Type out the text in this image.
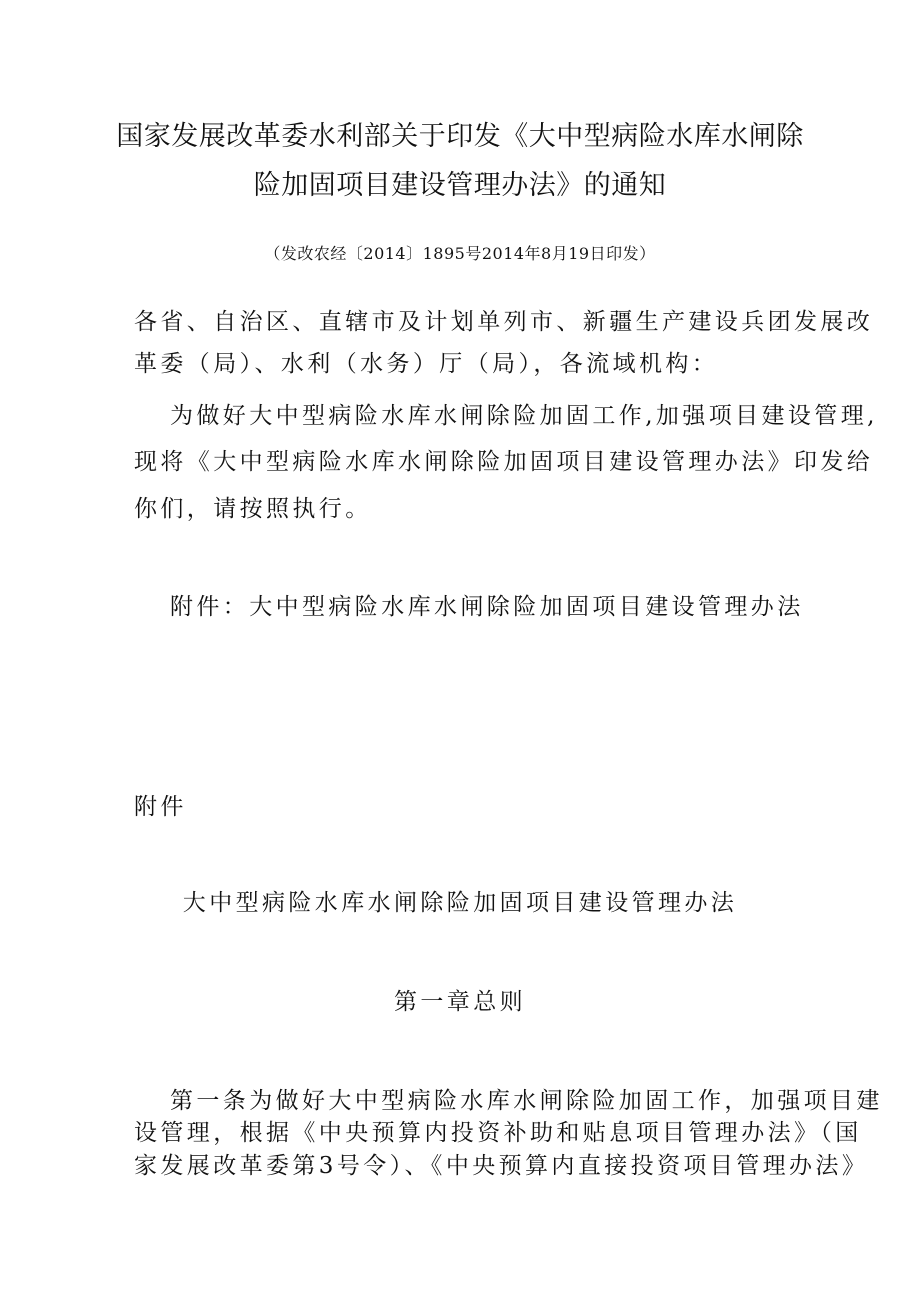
国家发展改革委水利部关于印发《大中型病险水库水闸除
险加固项目建设管理办法》的通知
（发改农经〔2014〕1895号2014年8月19日印发）
各省、自治区、直辖市及计划单列市、新疆生产建设兵团发展改
革委（局）、水利（水务）厅（局），各流域机构：
为做好大中型病险水库水闸除险加固工作,加强项目建设管理,
现将《大中型病险水库水闸除险加固项目建设管理办法》印发给
你们，请按照执行。
附件：大中型病险水库水闸除险加固项目建设管理办法
附件
大中型病险水库水闸除险加固项目建设管理办法
第一章总则
第一条为做好大中型病险水库水闸除险加固工作，加强项目建
设管理，根据《中央预算内投资补助和贴息项目管理办法》（国
家发展改革委第3号令）、《中央预算内直接投资项目管理办法》
